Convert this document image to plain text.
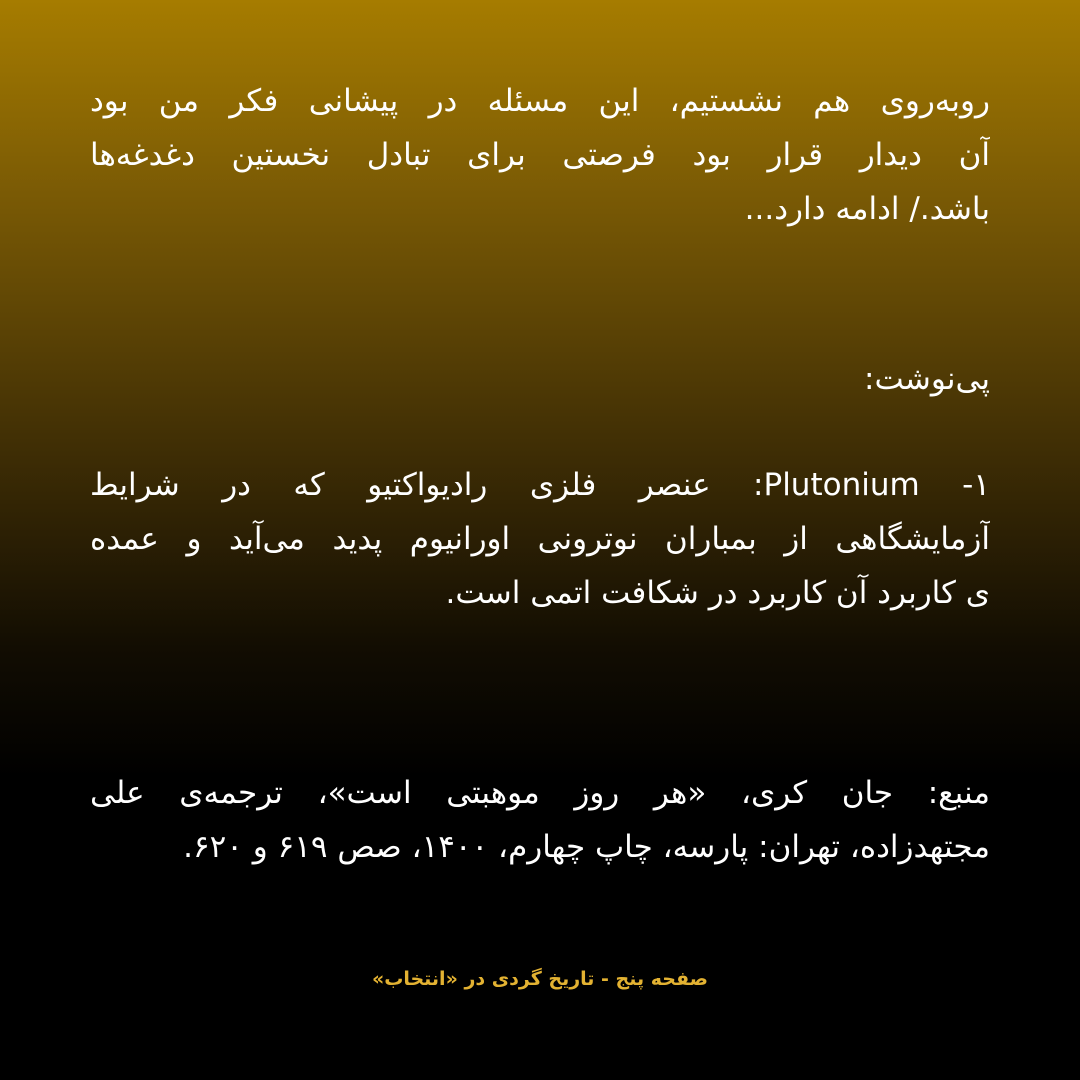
روبه‌روی هم نشستیم، این مسئله در پیشانی فکر من بود
آن دیدار قرار بود فرصتی برای تبادل نخستین دغدغه‌ها
باشد./ ادامه دارد...
پی‌نوشت:
۱- Plutonium: عنصر فلزی رادیواکتیو که در شرایط
آزمایشگاهی از بمباران نوترونی اورانیوم پدید می‌آید و عمده
ی کاربرد آن کاربرد در شکافت اتمی است.
منبع: جان کری، «هر روز موهبتی است»، ترجمه‌ی علی
مجتهدزاده، تهران: پارسه، چاپ چهارم، ۱۴۰۰، صص ۶۱۹ و ۶۲۰.
صفحه پنج - تاریخ گردی در «انتخاب»
